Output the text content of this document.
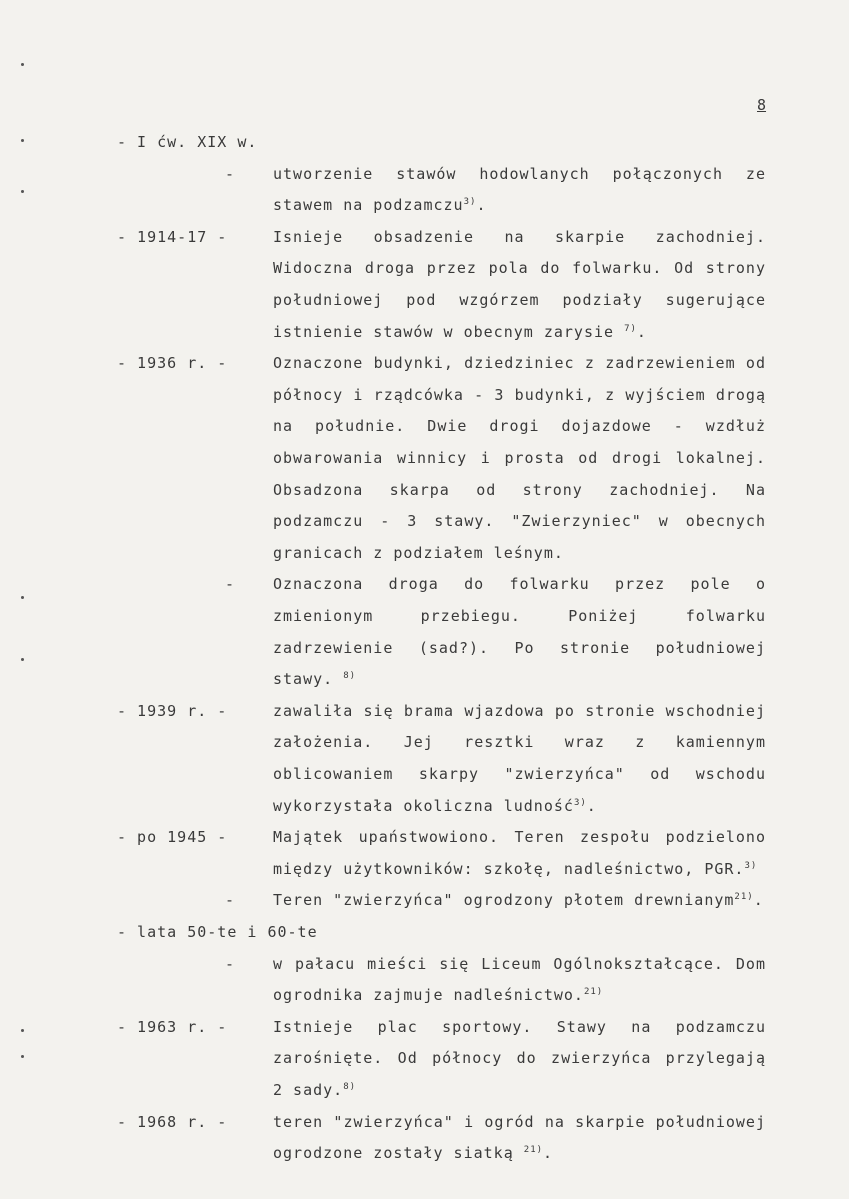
8
- I ćw. XIX w.
-	utworzenie stawów hodowlanych połączonych ze
stawem na podzamczu$^{3)}$.
- 1914-17 -	Isnieje obsadzenie na skarpie zachodniej.
Widoczna droga przez pola do folwarku. Od strony
południowej pod wzgórzem podziały sugerujące
istnienie stawów w obecnym zarysie $^{7)}$.
- 1936 r. -	Oznaczone budynki, dziedziniec z zadrzewieniem od
północy i rządcówka - 3 budynki, z wyjściem drogą
na południe. Dwie drogi dojazdowe - wzdłuż
obwarowania winnicy i prosta od drogi lokalnej.
Obsadzona skarpa od strony zachodniej. Na
podzamczu - 3 stawy. "Zwierzyniec" w obecnych
granicach z podziałem leśnym.
-	Oznaczona droga do folwarku przez pole o
zmienionym przebiegu. Poniżej folwarku
zadrzewienie (sad?). Po stronie południowej
stawy. $^{8)}$
- 1939 r. -	zawaliła się brama wjazdowa po stronie wschodniej
założenia. Jej resztki wraz z kamiennym
oblicowaniem skarpy "zwierzyńca" od wschodu
wykorzystała okoliczna ludność$^{3)}$.
- po 1945 -	Majątek upaństwowiono. Teren zespołu podzielono
między użytkowników: szkołę, nadleśnictwo, PGR.$^{3)}$
-	Teren "zwierzyńca" ogrodzony płotem drewnianym$^{21)}$.
- lata 50-te i 60-te
-	w pałacu mieści się Liceum Ogólnokształcące. Dom
ogrodnika zajmuje nadleśnictwo.$^{21)}$
- 1963 r. -	Istnieje plac sportowy. Stawy na podzamczu
zarośnięte. Od północy do zwierzyńca przylegają
2 sady.$^{8)}$
- 1968 r. -	teren "zwierzyńca" i ogród na skarpie południowej
ogrodzone zostały siatką $^{21)}$.
